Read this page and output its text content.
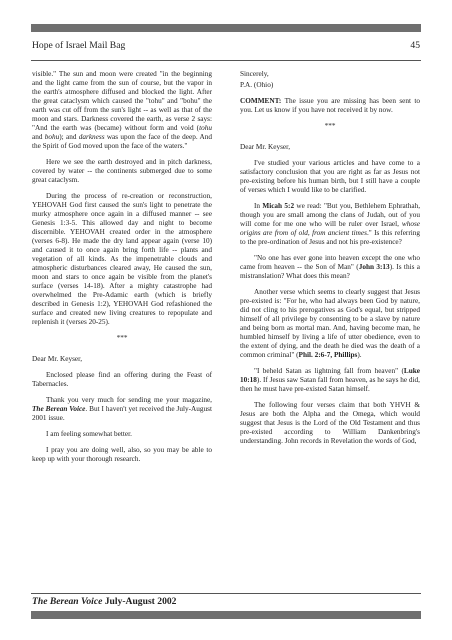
Hope of Israel Mail Bag	45

visible." The sun and moon were created "in the beginning and the light came from the sun of course, but the vapor in the earth's atmosphere diffused and blocked the light. After the great cataclysm which caused the "tohu" and "bohu" the earth was cut off from the sun's light -- as well as that of the moon and stars. Darkness covered the earth, as verse 2 says: "And the earth was (became) without form and void (tohu and bohu); and darkness was upon the face of the deep. And the Spirit of God moved upon the face of the waters."

Here we see the earth destroyed and in pitch darkness, covered by water -- the continents submerged due to some great cataclysm.

During the process of re-creation or reconstruction, YEHOVAH God first caused the sun's light to penetrate the murky atmosphere once again in a diffused manner -- see Genesis 1:3-5. This allowed day and night to become discernible. YEHOVAH created order in the atmosphere (verses 6-8). He made the dry land appear again (verse 10) and caused it to once again bring forth life -- plants and vegetation of all kinds. As the impenetrable clouds and atmospheric disturbances cleared away, He caused the sun, moon and stars to once again be visible from the planet's surface (verses 14-18). After a mighty catastrophe had overwhelmed the Pre-Adamic earth (which is briefly described in Genesis 1:2), YEHOVAH God refashioned the surface and created new living creatures to repopulate and replenish it (verses 20-25).

***

Dear Mr. Keyser,

Enclosed please find an offering during the Feast of Tabernacles.

Thank you very much for sending me your magazine, The Berean Voice. But I haven't yet received the July-August 2001 issue.

I am feeling somewhat better.

I pray you are doing well, also, so you may be able to keep up with your thorough research.

Sincerely,

P.A. (Ohio)

COMMENT: The issue you are missing has been sent to you. Let us know if you have not received it by now.

***

Dear Mr. Keyser,

I've studied your various articles and have come to a satisfactory conclusion that you are right as far as Jesus not pre-existing before his human birth, but I still have a couple of verses which I would like to be clarified.

In Micah 5:2 we read: "But you, Bethlehem Ephrathah, though you are small among the clans of Judah, out of you will come for me one who will be ruler over Israel, whose origins are from of old, from ancient times." Is this referring to the pre-ordination of Jesus and not his pre-existence?

"No one has ever gone into heaven except the one who came from heaven -- the Son of Man" (John 3:13). Is this a mistranslation? What does this mean?

Another verse which seems to clearly suggest that Jesus pre-existed is: "For he, who had always been God by nature, did not cling to his prerogatives as God's equal, but stripped himself of all privilege by consenting to be a slave by nature and being born as mortal man. And, having become man, he humbled himself by living a life of utter obedience, even to the extent of dying, and the death he died was the death of a common criminal" (Phil. 2:6-7, Phillips).

"I beheld Satan as lightning fall from heaven" (Luke 10:18). If Jesus saw Satan fall from heaven, as he says he did, then he must have pre-existed Satan himself.

The following four verses claim that both YHVH & Jesus are both the Alpha and the Omega, which would suggest that Jesus is the Lord of the Old Testament and thus pre-existed according to William Dankenbring's understanding. John records in Revelation the words of God,

The Berean Voice July-August 2002
